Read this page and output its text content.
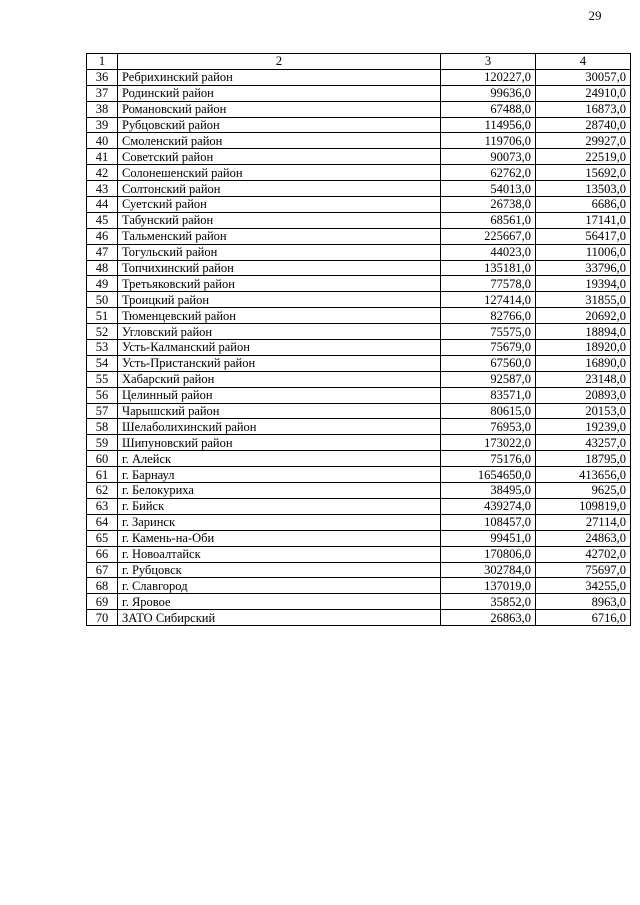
29
1	2	3	4
36	Ребрихинский район	120227,0	30057,0
37	Родинский район	99636,0	24910,0
38	Романовский район	67488,0	16873,0
39	Рубцовский район	114956,0	28740,0
40	Смоленский район	119706,0	29927,0
41	Советский район	90073,0	22519,0
42	Солонешенский район	62762,0	15692,0
43	Солтонский район	54013,0	13503,0
44	Суетский район	26738,0	6686,0
45	Табунский район	68561,0	17141,0
46	Тальменский район	225667,0	56417,0
47	Тогульский район	44023,0	11006,0
48	Топчихинский район	135181,0	33796,0
49	Третьяковский район	77578,0	19394,0
50	Троицкий район	127414,0	31855,0
51	Тюменцевский район	82766,0	20692,0
52	Угловский район	75575,0	18894,0
53	Усть-Калманский район	75679,0	18920,0
54	Усть-Пристанский район	67560,0	16890,0
55	Хабарский район	92587,0	23148,0
56	Целинный район	83571,0	20893,0
57	Чарышский район	80615,0	20153,0
58	Шелаболихинский район	76953,0	19239,0
59	Шипуновский район	173022,0	43257,0
60	г. Алейск	75176,0	18795,0
61	г. Барнаул	1654650,0	413656,0
62	г. Белокуриха	38495,0	9625,0
63	г. Бийск	439274,0	109819,0
64	г. Заринск	108457,0	27114,0
65	г. Камень-на-Оби	99451,0	24863,0
66	г. Новоалтайск	170806,0	42702,0
67	г. Рубцовск	302784,0	75697,0
68	г. Славгород	137019,0	34255,0
69	г. Яровое	35852,0	8963,0
70	ЗАТО Сибирский	26863,0	6716,0
